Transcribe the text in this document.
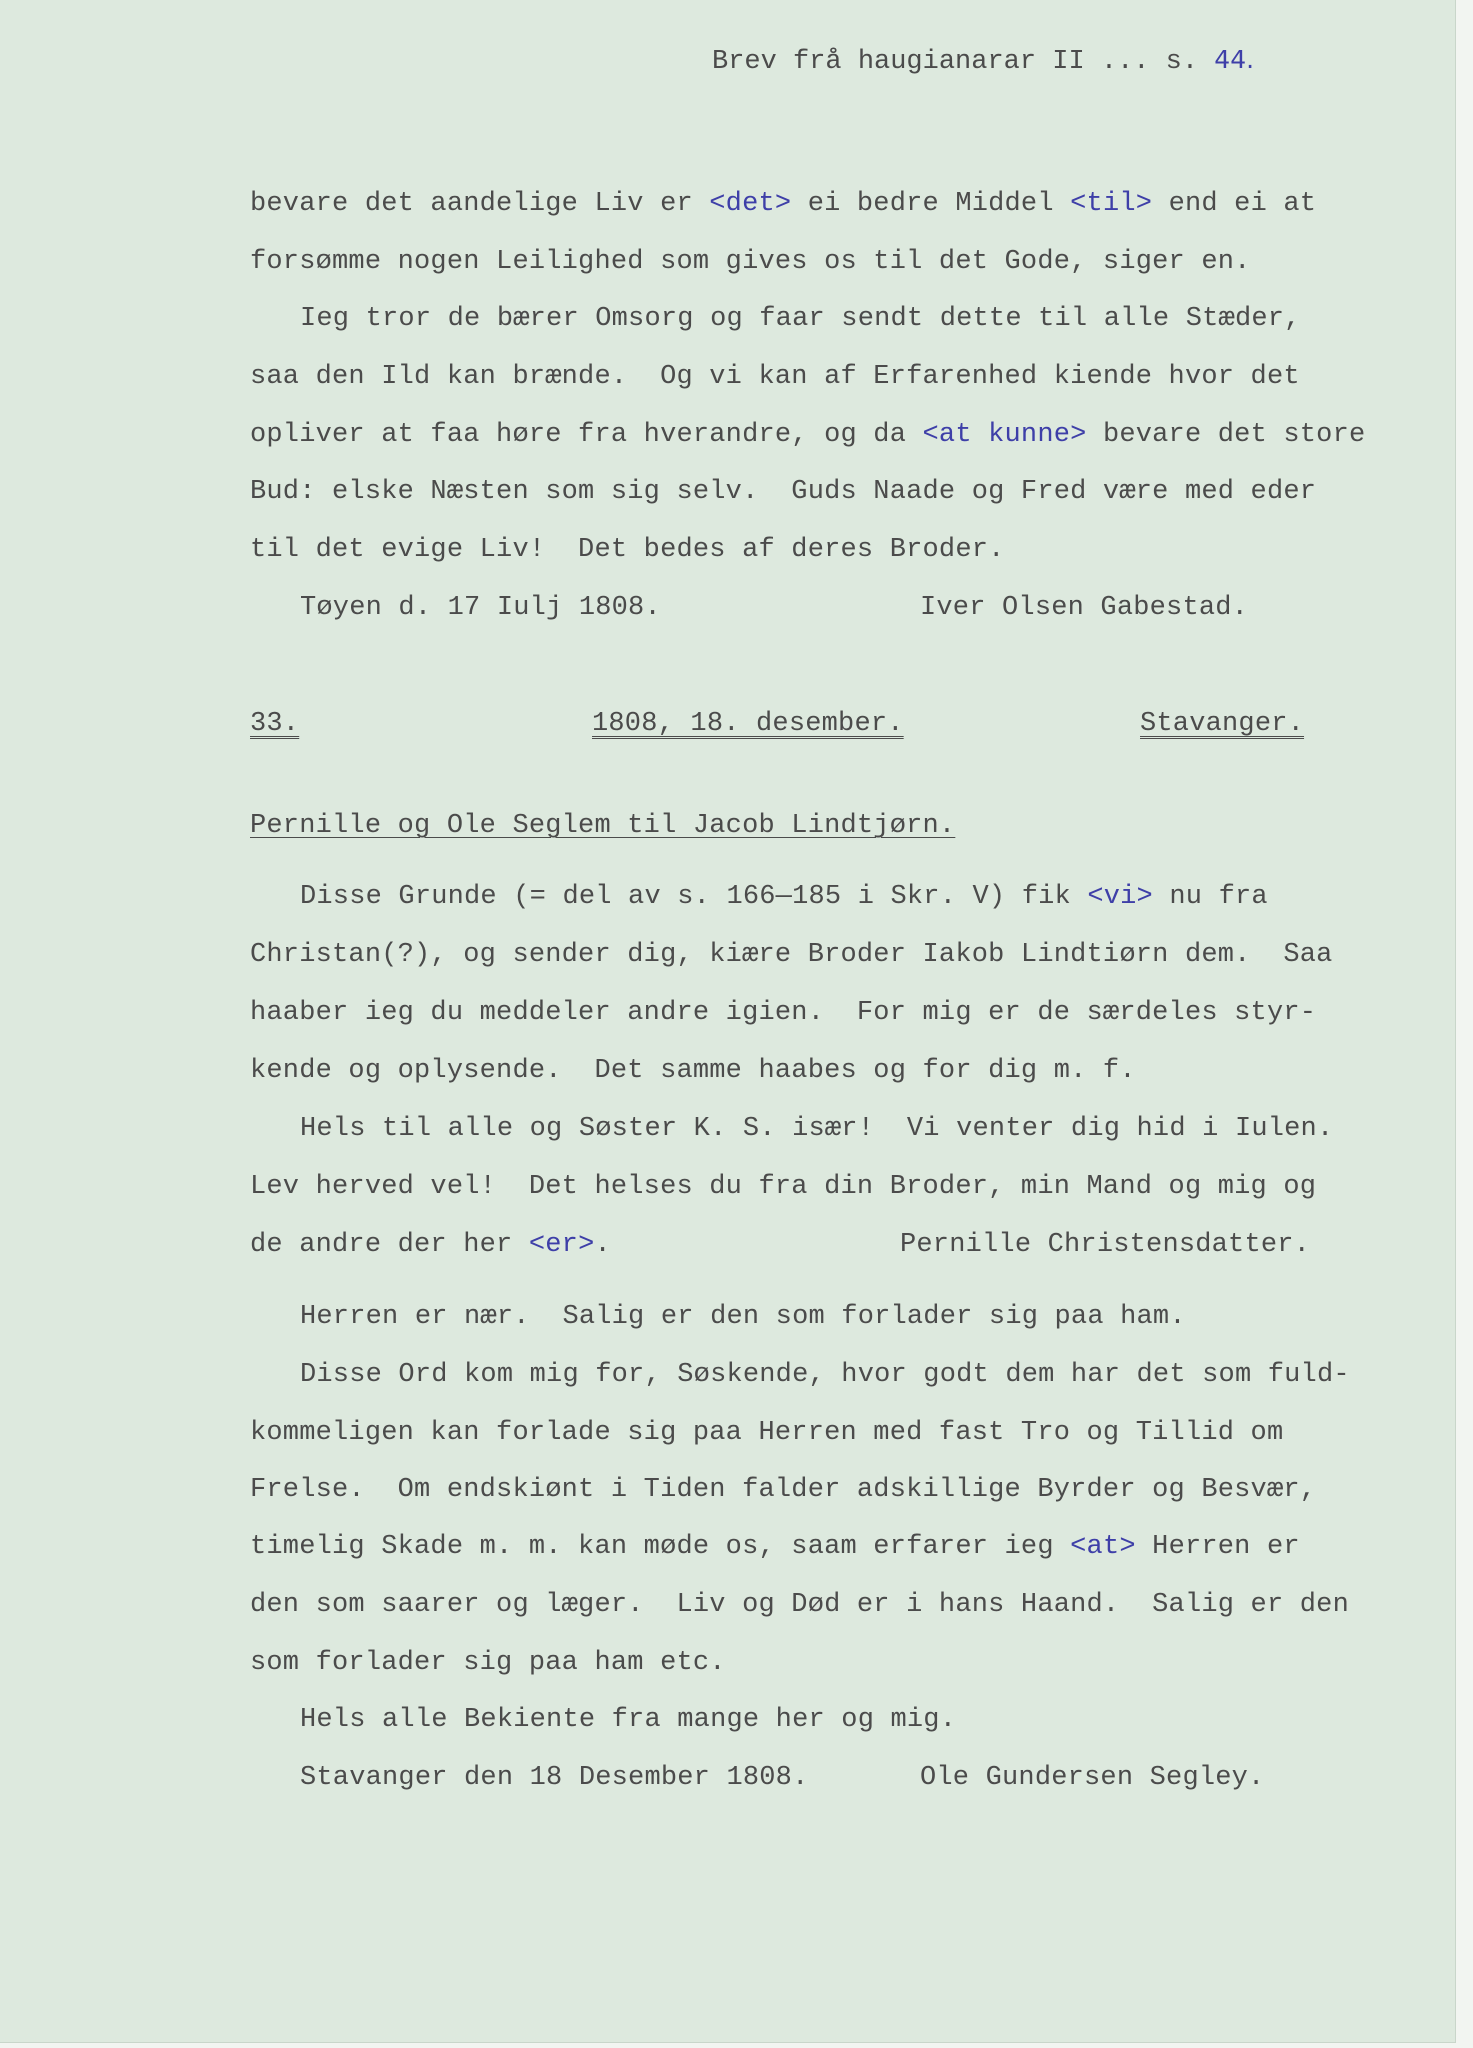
Brev frå haugianarar II ... s. 44.
bevare det aandelige Liv er <det> ei bedre Middel <til> end ei at
forsømme nogen Leilighed som gives os til det Gode, siger en.
Ieg tror de bærer Omsorg og faar sendt dette til alle Stæder,
saa den Ild kan brænde.  Og vi kan af Erfarenhed kiende hvor det
opliver at faa høre fra hverandre, og da <at kunne> bevare det store
Bud: elske Næsten som sig selv.  Guds Naade og Fred være med eder
til det evige Liv!  Det bedes af deres Broder.
Tøyen d. 17 Iulj 1808.	Iver Olsen Gabestad.
33.	1808, 18. desember.	Stavanger.
Pernille og Ole Seglem til Jacob Lindtjørn.
Disse Grunde (= del av s. 166—185 i Skr. V) fik <vi> nu fra
Christan(?), og sender dig, kiære Broder Iakob Lindtiørn dem.  Saa
haaber ieg du meddeler andre igien.  For mig er de særdeles styr-
kende og oplysende.  Det samme haabes og for dig m. f.
Hels til alle og Søster K. S. især!  Vi venter dig hid i Iulen.
Lev herved vel!  Det helses du fra din Broder, min Mand og mig og
de andre der her <er>.	Pernille Christensdatter.
Herren er nær.  Salig er den som forlader sig paa ham.
Disse Ord kom mig for, Søskende, hvor godt dem har det som fuld-
kommeligen kan forlade sig paa Herren med fast Tro og Tillid om
Frelse.  Om endskiønt i Tiden falder adskillige Byrder og Besvær,
timelig Skade m. m. kan møde os, saam erfarer ieg <at> Herren er
den som saarer og læger.  Liv og Død er i hans Haand.  Salig er den
som forlader sig paa ham etc.
Hels alle Bekiente fra mange her og mig.
Stavanger den 18 Desember 1808.	Ole Gundersen Segley.
